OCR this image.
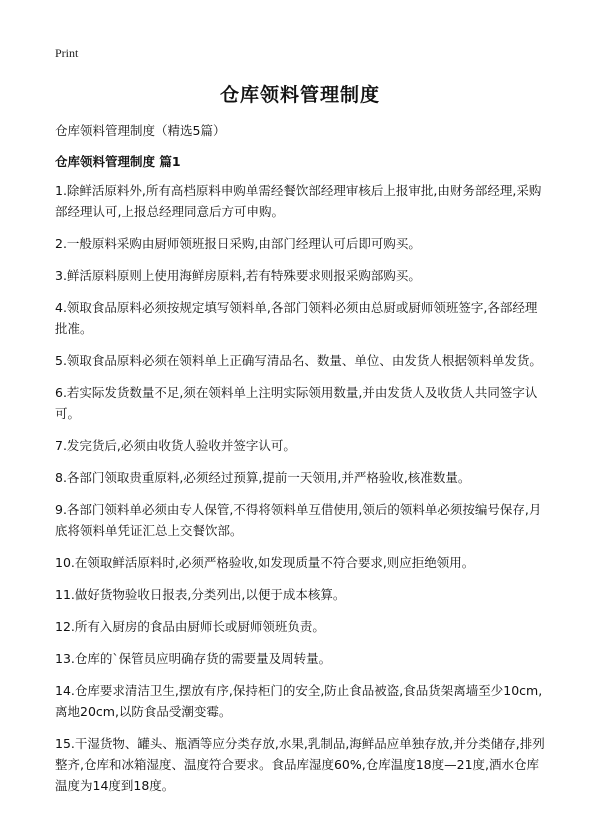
Print
仓库领料管理制度
仓库领料管理制度（精选5篇）
仓库领料管理制度 篇1

1.除鲜活原料外,所有高档原料申购单需经餐饮部经理审核后上报审批,由财务部经理,采购部经理认可,上报总经理同意后方可申购。

2.一般原料采购由厨师领班报日采购,由部门经理认可后即可购买。

3.鲜活原料原则上使用海鲜房原料,若有特殊要求则报采购部购买。

4.领取食品原料必须按规定填写领料单,各部门领料必须由总厨或厨师领班签字,各部经理批准。

5.领取食品原料必须在领料单上正确写清品名、数量、单位、由发货人根据领料单发货。

6.若实际发货数量不足,须在领料单上注明实际领用数量,并由发货人及收货人共同签字认可。

7.发完货后,必须由收货人验收并签字认可。

8.各部门领取贵重原料,必须经过预算,提前一天领用,并严格验收,核准数量。

9.各部门领料单必须由专人保管,不得将领料单互借使用,领后的领料单必须按编号保存,月底将领料单凭证汇总上交餐饮部。

10.在领取鲜活原料时,必须严格验收,如发现质量不符合要求,则应拒绝领用。

11.做好货物验收日报表,分类列出,以便于成本核算。

12.所有入厨房的食品由厨师长或厨师领班负责。

13.仓库的`保管员应明确存货的需要量及周转量。

14.仓库要求清洁卫生,摆放有序,保持柜门的安全,防止食品被盗,食品货架离墙至少10cm,离地20cm,以防食品受潮变霉。

15.干湿货物、罐头、瓶酒等应分类存放,水果,乳制品,海鲜品应单独存放,并分类储存,排列整齐,仓库和冰箱湿度、温度符合要求。食品库湿度60%,仓库温度18度—21度,酒水仓库温度为14度到18度。
